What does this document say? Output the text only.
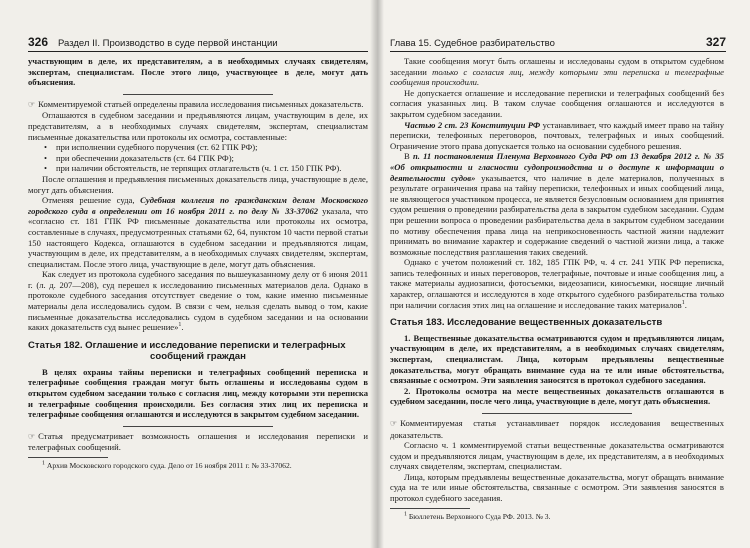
326 Раздел II. Производство в суде первой инстанции

участвующим в деле, их представителям, а в необходимых случаях свидетелям, экспертам, специалистам. После этого лицо, участвующее в деле, могут дать объяснения.

☞ Комментируемой статьей определены правила исследования письменных доказательств.

Оглашаются в судебном заседании и предъявляются лицам, участвующим в деле, их представителям, а в необходимых случаях свидетелям, экспертам, специалистам письменные доказательства или протоколы их осмотра, составленные:

• при исполнении судебного поручения (ст. 62 ГПК РФ);
• при обеспечении доказательств (ст. 64 ГПК РФ);
• при наличии обстоятельств, не терпящих отлагательств (ч. 1 ст. 150 ГПК РФ).

После оглашения и предъявления письменных доказательств лица, участвующие в деле, могут дать объяснения.

Отменяя решение суда, Судебная коллегия по гражданским делам Московского городского суда в определении от 16 ноября 2011 г. по делу № 33-37062 указала, что «согласно ст. 181 ГПК РФ письменные доказательства или протоколы их осмотра, составленные в случаях, предусмотренных статьями 62, 64, пунктом 10 части первой статьи 150 настоящего Кодекса, оглашаются в судебном заседании и предъявляются лицам, участвующим в деле, их представителям, а в необходимых случаях свидетелям, экспертам, специалистам. После этого лица, участвующие в деле, могут дать объяснения.

Как следует из протокола судебного заседания по вышеуказанному делу от 6 июня 2011 г. (л. д. 207—208), суд перешел к исследованию письменных материалов дела. Однако в протоколе судебного заседания отсутствует сведение о том, какие именно письменные материалы дела исследовались судом. В связи с чем, нельзя сделать вывод о том, какие письменные доказательства исследовались судом в судебном заседании и на основании каких доказательств суд вынес решение»$^1$.

Статья 182. Оглашение и исследование переписки и телеграфных
сообщений граждан

В целях охраны тайны переписки и телеграфных сообщений переписка и телеграфные сообщения граждан могут быть оглашены и исследованы судом в открытом судебном заседании только с согласия лиц, между которыми эти переписка и телеграфные сообщения происходили. Без согласия этих лиц их переписка и телеграфные сообщения оглашаются и исследуются в закрытом судебном заседании.

☞ Статья предусматривает возможность оглашения и исследования переписки и телеграфных сообщений.

$^1$ Архив Московского городского суда. Дело от 16 ноября 2011 г. № 33-37062.

Глава 15. Судебное разбирательство	327

Такие сообщения могут быть оглашены и исследованы судом в открытом судебном заседании только с согласия лиц, между которыми эти переписка и телеграфные сообщения происходили.

Не допускается оглашение и исследование переписки и телеграфных сообщений без согласия указанных лиц. В таком случае сообщения оглашаются и исследуются в закрытом судебном заседании.

Частью 2 ст. 23 Конституции РФ устанавливает, что каждый имеет право на тайну переписки, телефонных переговоров, почтовых, телеграфных и иных сообщений. Ограничение этого права допускается только на основании судебного решения.

В п. 11 постановления Пленума Верховного Суда РФ от 13 декабря 2012 г. № 35 «Об открытости и гласности судопроизводства и о доступе к информации о деятельности судов» указывается, что наличие в деле материалов, полученных в результате ограничения права на тайну переписки, телефонных и иных сообщений лица, не являющегося участником процесса, не является безусловным основанием для принятия судом решения о проведении разбирательства дела в закрытом судебном заседании. Судам при решении вопроса о проведении разбирательства дела в закрытом судебном заседании по мотиву обеспечения права лица на неприкосновенность частной жизни надлежит принимать во внимание характер и содержание сведений о частной жизни лица, а также возможные последствия разглашения таких сведений.

Однако с учетом положений ст. 182, 185 ГПК РФ, ч. 4 ст. 241 УПК РФ переписка, запись телефонных и иных переговоров, телеграфные, почтовые и иные сообщения лиц, а также материалы аудиозаписи, фотосъемки, видеозаписи, киносъемки, носящие личный характер, оглашаются и исследуются в ходе открытого судебного разбирательства только при наличии согласия этих лиц на оглашение и исследование таких материалов$^1$.

Статья 183. Исследование вещественных доказательств

1. Вещественные доказательства осматриваются судом и предъявляются лицам, участвующим в деле, их представителям, а в необходимых случаях свидетелям, экспертам, специалистам. Лица, которым предъявлены вещественные доказательства, могут обращать внимание суда на те или иные обстоятельства, связанные с осмотром. Эти заявления заносятся в протокол судебного заседания.

2. Протоколы осмотра на месте вещественных доказательств оглашаются в судебном заседании, после чего лица, участвующие в деле, могут дать объяснения.

☞ Комментируемая статья устанавливает порядок исследования вещественных доказательств.

Согласно ч. 1 комментируемой статьи вещественные доказательства осматриваются судом и предъявляются лицам, участвующим в деле, их представителям, а в необходимых случаях свидетелям, экспертам, специалистам.

Лица, которым предъявлены вещественные доказательства, могут обращать внимание суда на те или иные обстоятельства, связанные с осмотром. Эти заявления заносятся в протокол судебного заседания.

$^1$ Бюллетень Верховного Суда РФ. 2013. № 3.
